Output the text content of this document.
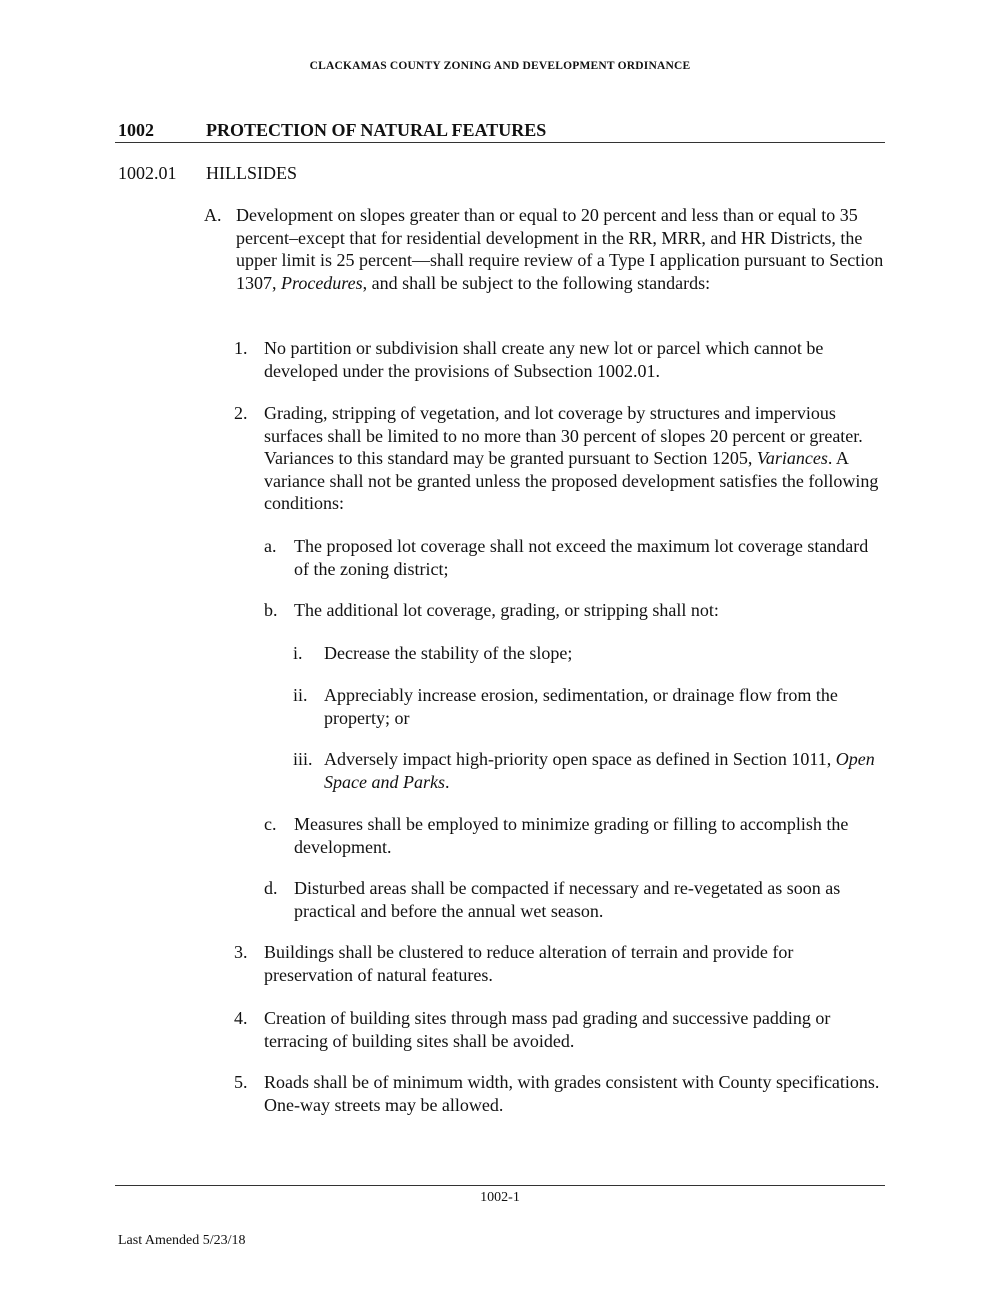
CLACKAMAS COUNTY ZONING AND DEVELOPMENT ORDINANCE
1002	PROTECTION OF NATURAL FEATURES
1002.01 HILLSIDES
A. Development on slopes greater than or equal to 20 percent and less than or equal to 35 percent–except that for residential development in the RR, MRR, and HR Districts, the upper limit is 25 percent—shall require review of a Type I application pursuant to Section 1307, Procedures, and shall be subject to the following standards:
1. No partition or subdivision shall create any new lot or parcel which cannot be developed under the provisions of Subsection 1002.01.
2. Grading, stripping of vegetation, and lot coverage by structures and impervious surfaces shall be limited to no more than 30 percent of slopes 20 percent or greater. Variances to this standard may be granted pursuant to Section 1205, Variances. A variance shall not be granted unless the proposed development satisfies the following conditions:
a. The proposed lot coverage shall not exceed the maximum lot coverage standard of the zoning district;
b. The additional lot coverage, grading, or stripping shall not:
i. Decrease the stability of the slope;
ii. Appreciably increase erosion, sedimentation, or drainage flow from the property; or
iii. Adversely impact high-priority open space as defined in Section 1011, Open Space and Parks.
c. Measures shall be employed to minimize grading or filling to accomplish the development.
d. Disturbed areas shall be compacted if necessary and re-vegetated as soon as practical and before the annual wet season.
3. Buildings shall be clustered to reduce alteration of terrain and provide for preservation of natural features.
4. Creation of building sites through mass pad grading and successive padding or terracing of building sites shall be avoided.
5. Roads shall be of minimum width, with grades consistent with County specifications. One-way streets may be allowed.
1002-1
Last Amended 5/23/18
